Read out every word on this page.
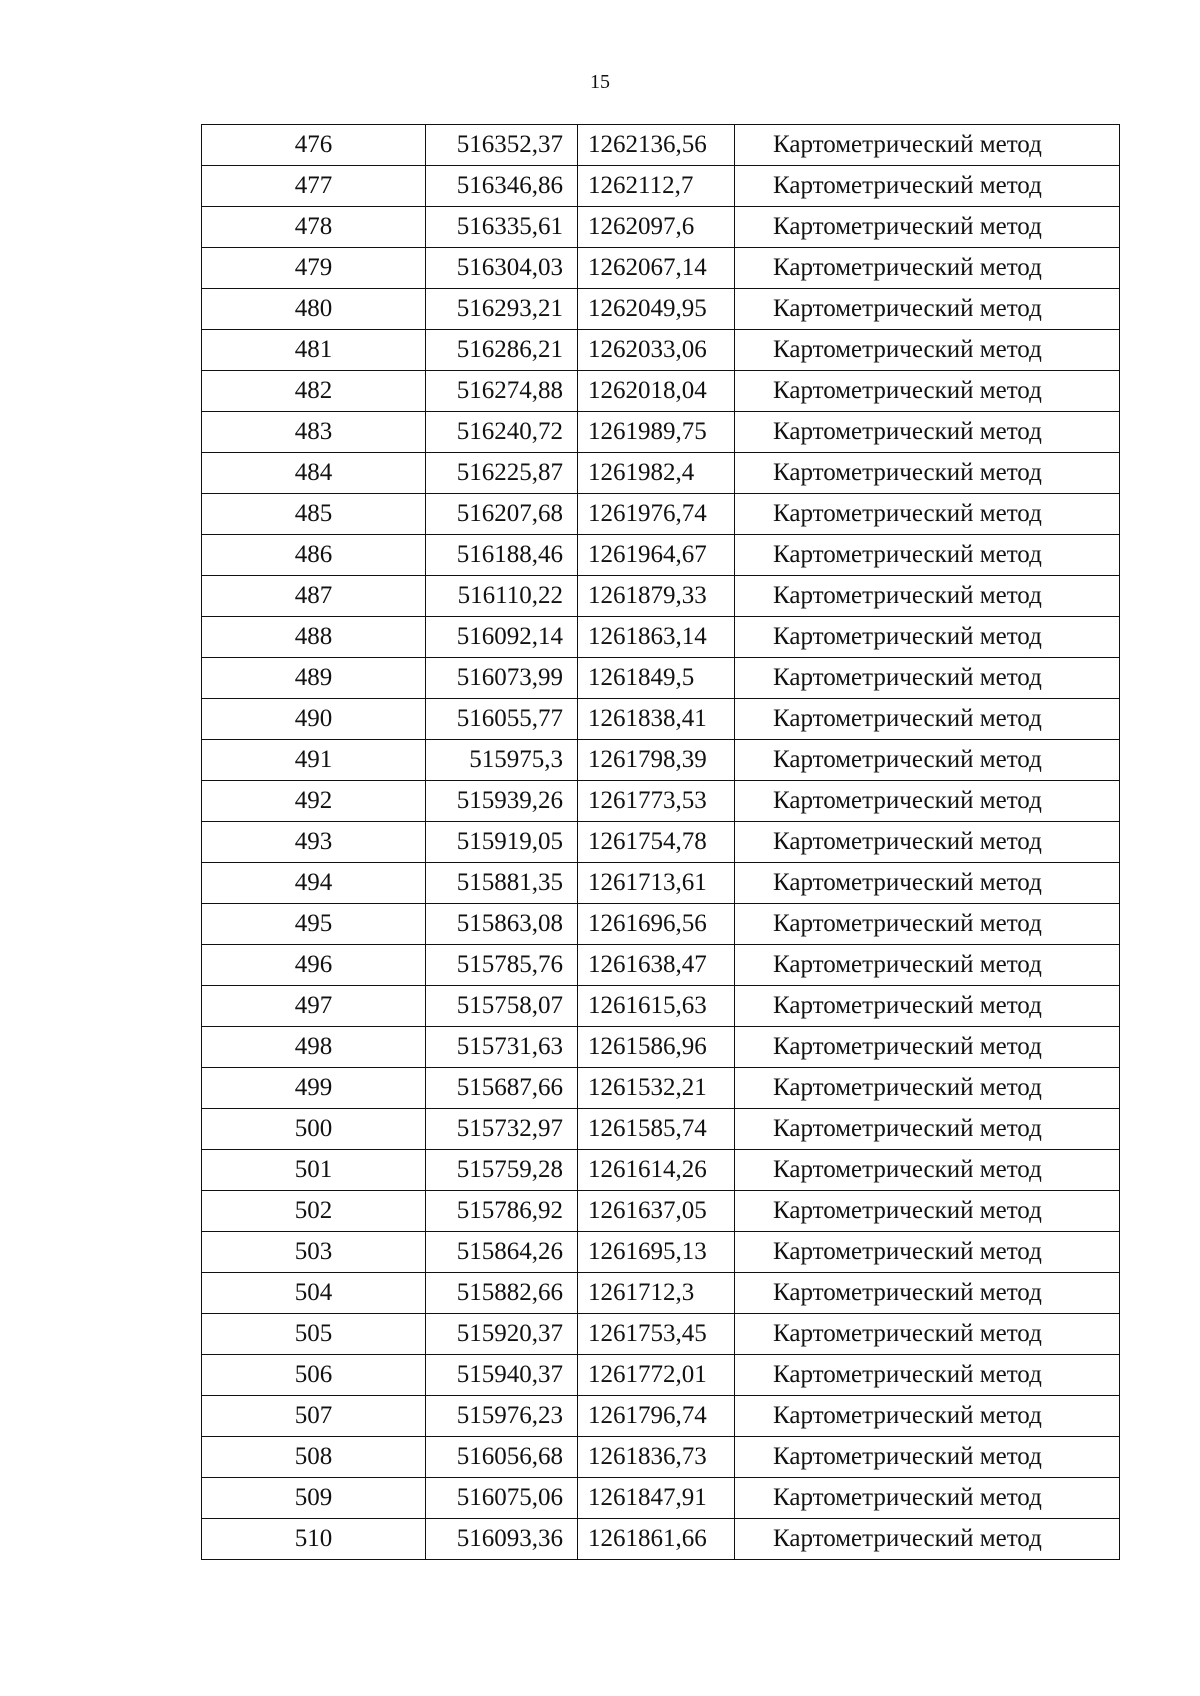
15
476	516352,37	1262136,56	Картометрический метод
477	516346,86	1262112,7	Картометрический метод
478	516335,61	1262097,6	Картометрический метод
479	516304,03	1262067,14	Картометрический метод
480	516293,21	1262049,95	Картометрический метод
481	516286,21	1262033,06	Картометрический метод
482	516274,88	1262018,04	Картометрический метод
483	516240,72	1261989,75	Картометрический метод
484	516225,87	1261982,4	Картометрический метод
485	516207,68	1261976,74	Картометрический метод
486	516188,46	1261964,67	Картометрический метод
487	516110,22	1261879,33	Картометрический метод
488	516092,14	1261863,14	Картометрический метод
489	516073,99	1261849,5	Картометрический метод
490	516055,77	1261838,41	Картометрический метод
491	515975,3	1261798,39	Картометрический метод
492	515939,26	1261773,53	Картометрический метод
493	515919,05	1261754,78	Картометрический метод
494	515881,35	1261713,61	Картометрический метод
495	515863,08	1261696,56	Картометрический метод
496	515785,76	1261638,47	Картометрический метод
497	515758,07	1261615,63	Картометрический метод
498	515731,63	1261586,96	Картометрический метод
499	515687,66	1261532,21	Картометрический метод
500	515732,97	1261585,74	Картометрический метод
501	515759,28	1261614,26	Картометрический метод
502	515786,92	1261637,05	Картометрический метод
503	515864,26	1261695,13	Картометрический метод
504	515882,66	1261712,3	Картометрический метод
505	515920,37	1261753,45	Картометрический метод
506	515940,37	1261772,01	Картометрический метод
507	515976,23	1261796,74	Картометрический метод
508	516056,68	1261836,73	Картометрический метод
509	516075,06	1261847,91	Картометрический метод
510	516093,36	1261861,66	Картометрический метод
